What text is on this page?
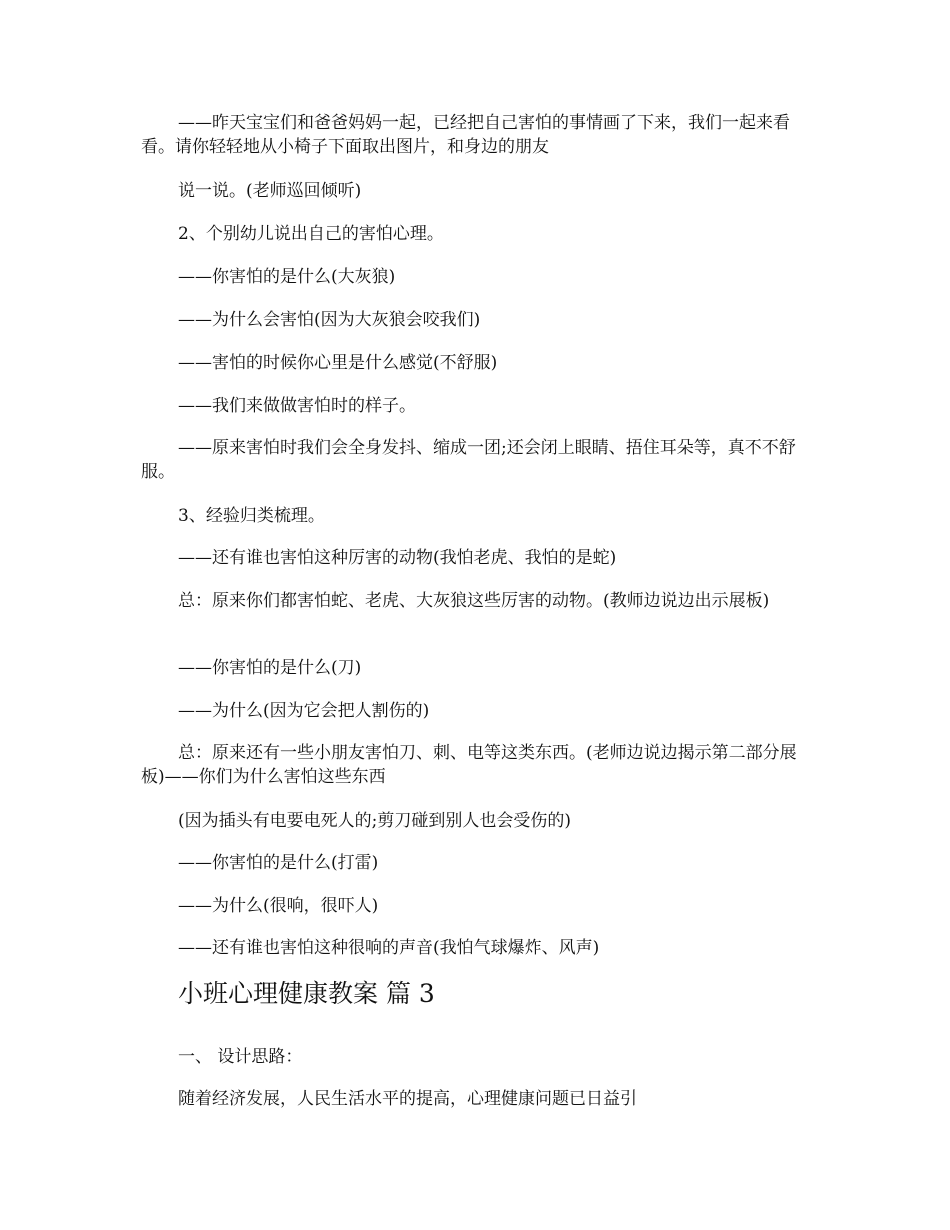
——昨天宝宝们和爸爸妈妈一起，已经把自己害怕的事情画了下来，我们一起来看看。请你轻轻地从小椅子下面取出图片，和身边的朋友
说一说。(老师巡回倾听)
2、个别幼儿说出自己的害怕心理。
——你害怕的是什么(大灰狼)
——为什么会害怕(因为大灰狼会咬我们)
——害怕的时候你心里是什么感觉(不舒服)
——我们来做做害怕时的样子。
——原来害怕时我们会全身发抖、缩成一团;还会闭上眼睛、捂住耳朵等，真不不舒服。
3、经验归类梳理。
——还有谁也害怕这种厉害的动物(我怕老虎、我怕的是蛇)
总：原来你们都害怕蛇、老虎、大灰狼这些厉害的动物。(教师边说边出示展板)
——你害怕的是什么(刀)
——为什么(因为它会把人割伤的)
总：原来还有一些小朋友害怕刀、刺、电等这类东西。(老师边说边揭示第二部分展板)——你们为什么害怕这些东西
(因为插头有电要电死人的;剪刀碰到别人也会受伤的)
——你害怕的是什么(打雷)
——为什么(很响，很吓人)
——还有谁也害怕这种很响的声音(我怕气球爆炸、风声)
小班心理健康教案 篇 3
一、 设计思路：
随着经济发展，人民生活水平的提高，心理健康问题已日益引
